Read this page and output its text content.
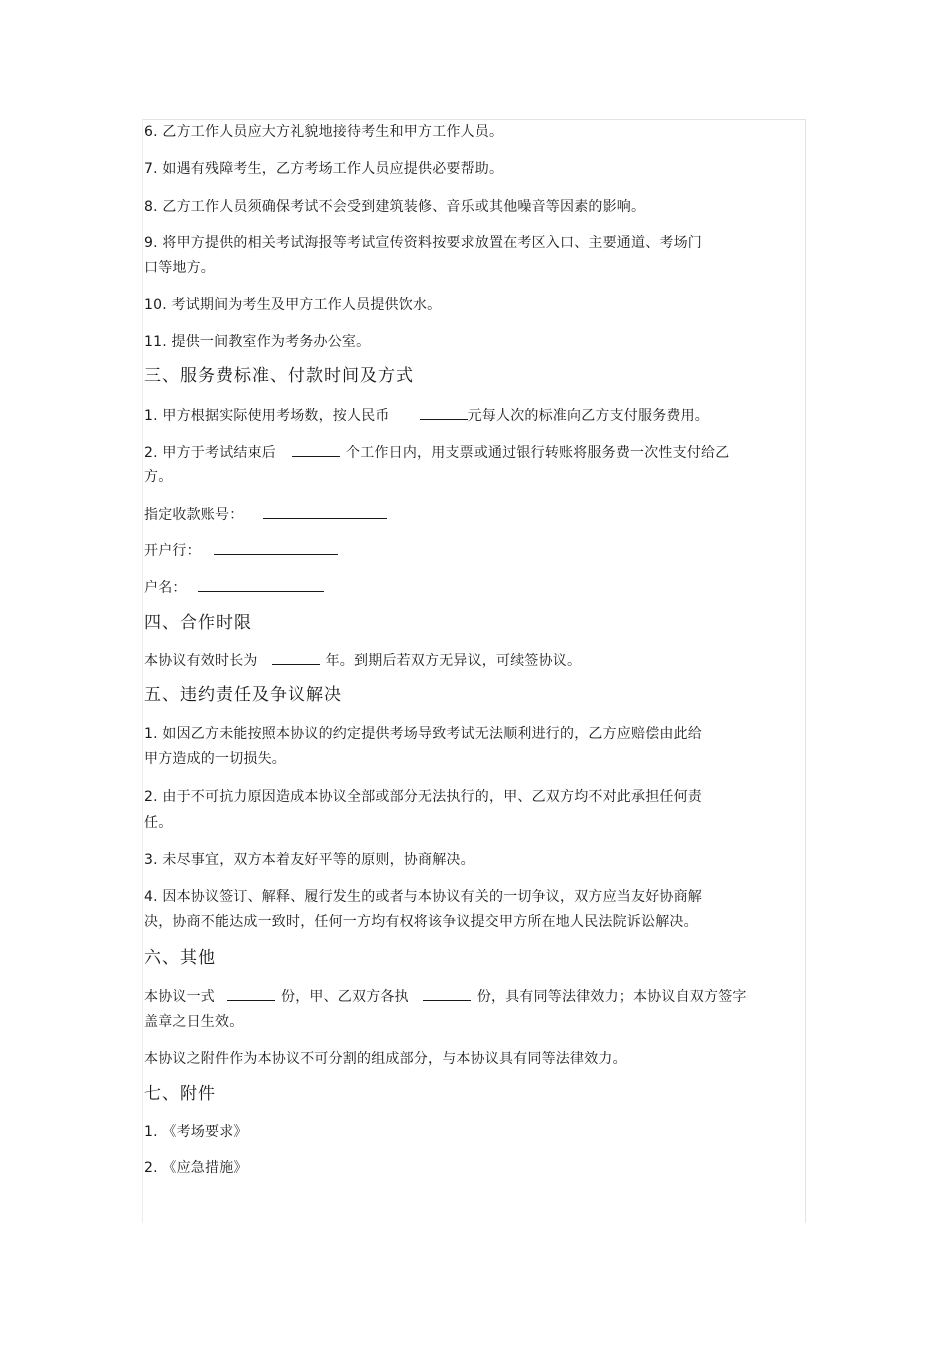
6. 乙方工作人员应大方礼貌地接待考生和甲方工作人员。
7. 如遇有残障考生，乙方考场工作人员应提供必要帮助。
8. 乙方工作人员须确保考试不会受到建筑装修、音乐或其他噪音等因素的影响。
9. 将甲方提供的相关考试海报等考试宣传资料按要求放置在考区入口、主要通道、考场门
口等地方。
10. 考试期间为考生及甲方工作人员提供饮水。
11. 提供一间教室作为考务办公室。
三、服务费标准、付款时间及方式
1. 甲方根据实际使用考场数，按人民币	元每人次的标准向乙方支付服务费用。
2. 甲方于考试结束后	个工作日内，用支票或通过银行转账将服务费一次性支付给乙
方。
指定收款账号：
开户行：
户名：
四、合作时限
本协议有效时长为	年。到期后若双方无异议，可续签协议。
五、违约责任及争议解决
1. 如因乙方未能按照本协议的约定提供考场导致考试无法顺利进行的，乙方应赔偿由此给
甲方造成的一切损失。
2. 由于不可抗力原因造成本协议全部或部分无法执行的，甲、乙双方均不对此承担任何责
任。
3. 未尽事宜，双方本着友好平等的原则，协商解决。
4. 因本协议签订、解释、履行发生的或者与本协议有关的一切争议，双方应当友好协商解
决，协商不能达成一致时，任何一方均有权将该争议提交甲方所在地人民法院诉讼解决。
六、其他
本协议一式	份，甲、乙双方各执	份，具有同等法律效力；本协议自双方签字
盖章之日生效。
本协议之附件作为本协议不可分割的组成部分，与本协议具有同等法律效力。
七、附件
1. 《考场要求》
2. 《应急措施》
